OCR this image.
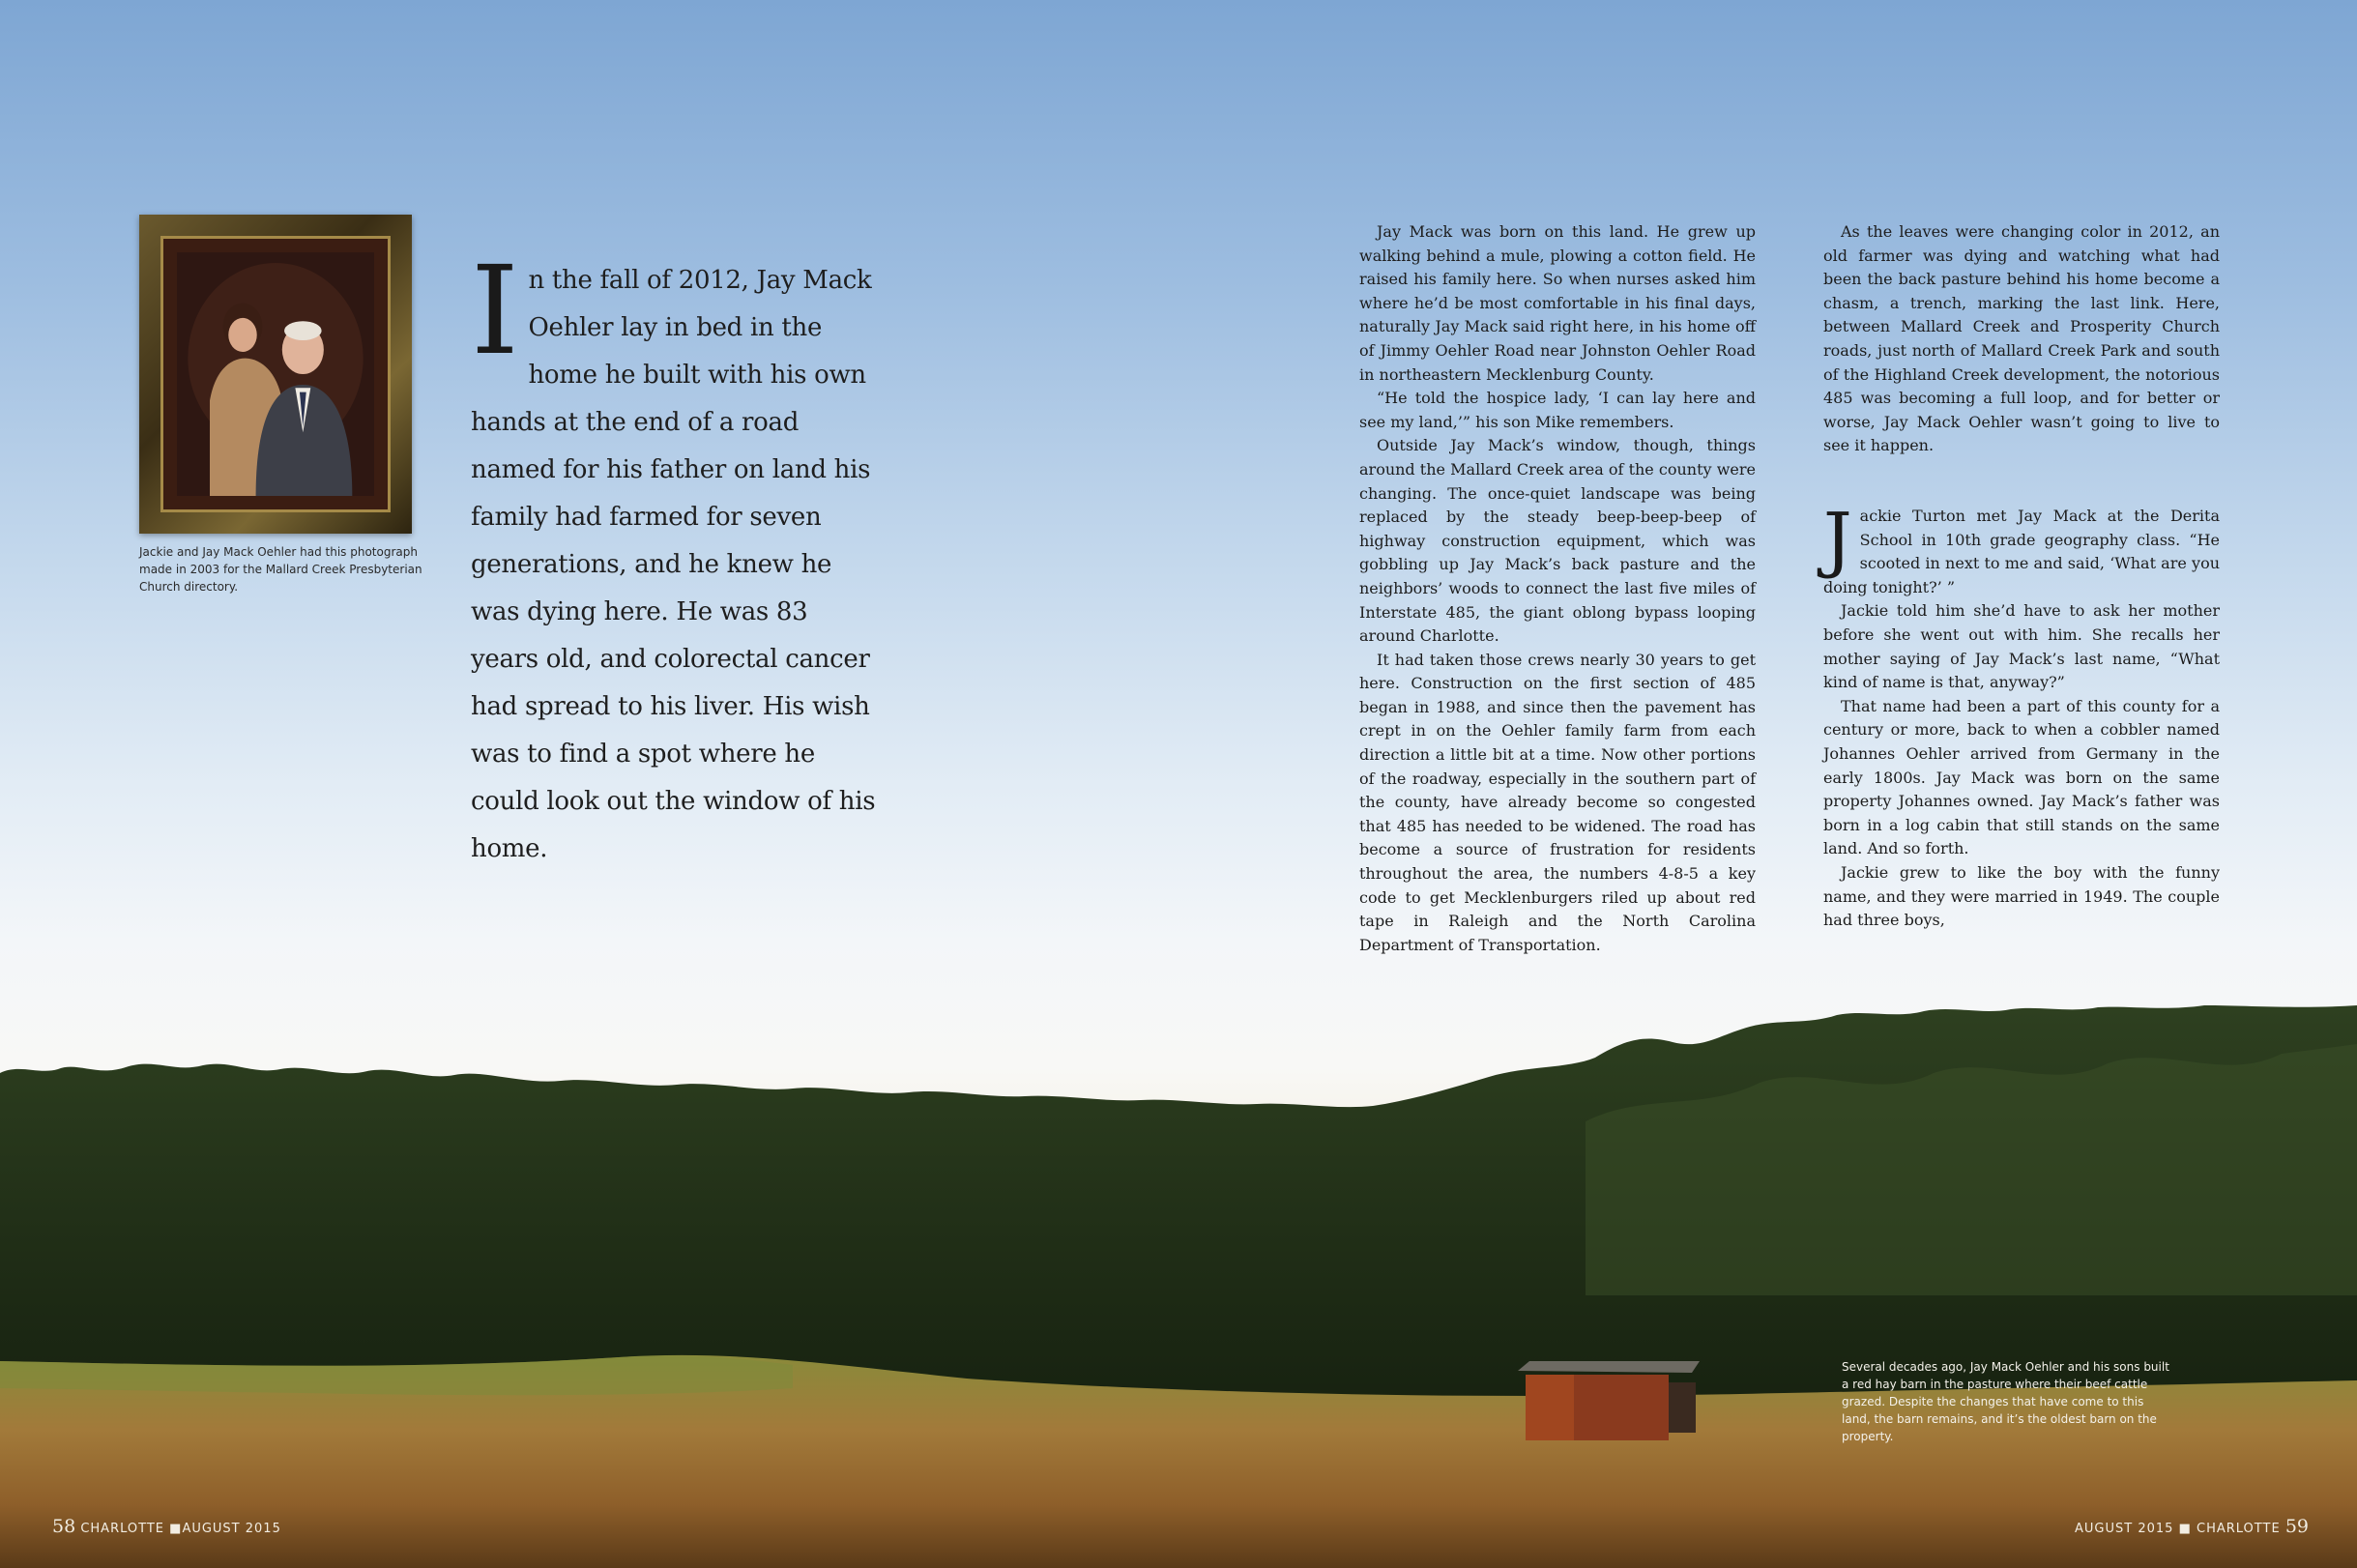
Jackie and Jay Mack Oehler had this photograph made in 2003 for the Mallard Creek Presbyterian Church directory.

In the fall of 2012, Jay Mack Oehler lay in bed in the home he built with his own hands at the end of a road named for his father on land his family had farmed for seven generations, and he knew he was dying here. He was 83 years old, and colorectal cancer had spread to his liver. His wish was to find a spot where he could look out the window of his home.

Jay Mack was born on this land. He grew up walking behind a mule, plowing a cotton field. He raised his family here. So when nurses asked him where he’d be most comfortable in his final days, naturally Jay Mack said right here, in his home off of Jimmy Oehler Road near Johnston Oehler Road in northeastern Mecklenburg County.

“He told the hospice lady, ‘I can lay here and see my land,’” his son Mike remembers.

Outside Jay Mack’s window, though, things around the Mallard Creek area of the county were changing. The once-quiet landscape was being replaced by the steady beep-beep-beep of highway construction equipment, which was gobbling up Jay Mack’s back pasture and the neighbors’ woods to connect the last five miles of Interstate 485, the giant oblong bypass looping around Charlotte.

It had taken those crews nearly 30 years to get here. Construction on the first section of 485 began in 1988, and since then the pavement has crept in on the Oehler family farm from each direction a little bit at a time. Now other portions of the roadway, especially in the southern part of the county, have already become so congested that 485 has needed to be widened. The road has become a source of frustration for residents throughout the area, the numbers 4-8-5 a key code to get Mecklenburgers riled up about red tape in Raleigh and the North Carolina Department of Transportation.

As the leaves were changing color in 2012, an old farmer was dying and watching what had been the back pasture behind his home become a chasm, a trench, marking the last link. Here, between Mallard Creek and Prosperity Church roads, just north of Mallard Creek Park and south of the Highland Creek development, the notorious 485 was becoming a full loop, and for better or worse, Jay Mack Oehler wasn’t going to live to see it happen.

Jackie Turton met Jay Mack at the Derita School in 10th grade geography class. “He scooted in next to me and said, ‘What are you doing tonight?’ ”

Jackie told him she’d have to ask her mother before she went out with him. She recalls her mother saying of Jay Mack’s last name, “What kind of name is that, anyway?”

That name had been a part of this county for a century or more, back to when a cobbler named Johannes Oehler arrived from Germany in the early 1800s. Jay Mack was born on the same property Johannes owned. Jay Mack’s father was born in a log cabin that still stands on the same land. And so forth.

Jackie grew to like the boy with the funny name, and they were married in 1949. The couple had three boys,

Several decades ago, Jay Mack Oehler and his sons built a red hay barn in the pasture where their beef cattle grazed. Despite the changes that have come to this land, the barn remains, and it’s the oldest barn on the property.
58 CHARLOTTE ■AUGUST 2015	AUGUST 2015 ■ CHARLOTTE 59
